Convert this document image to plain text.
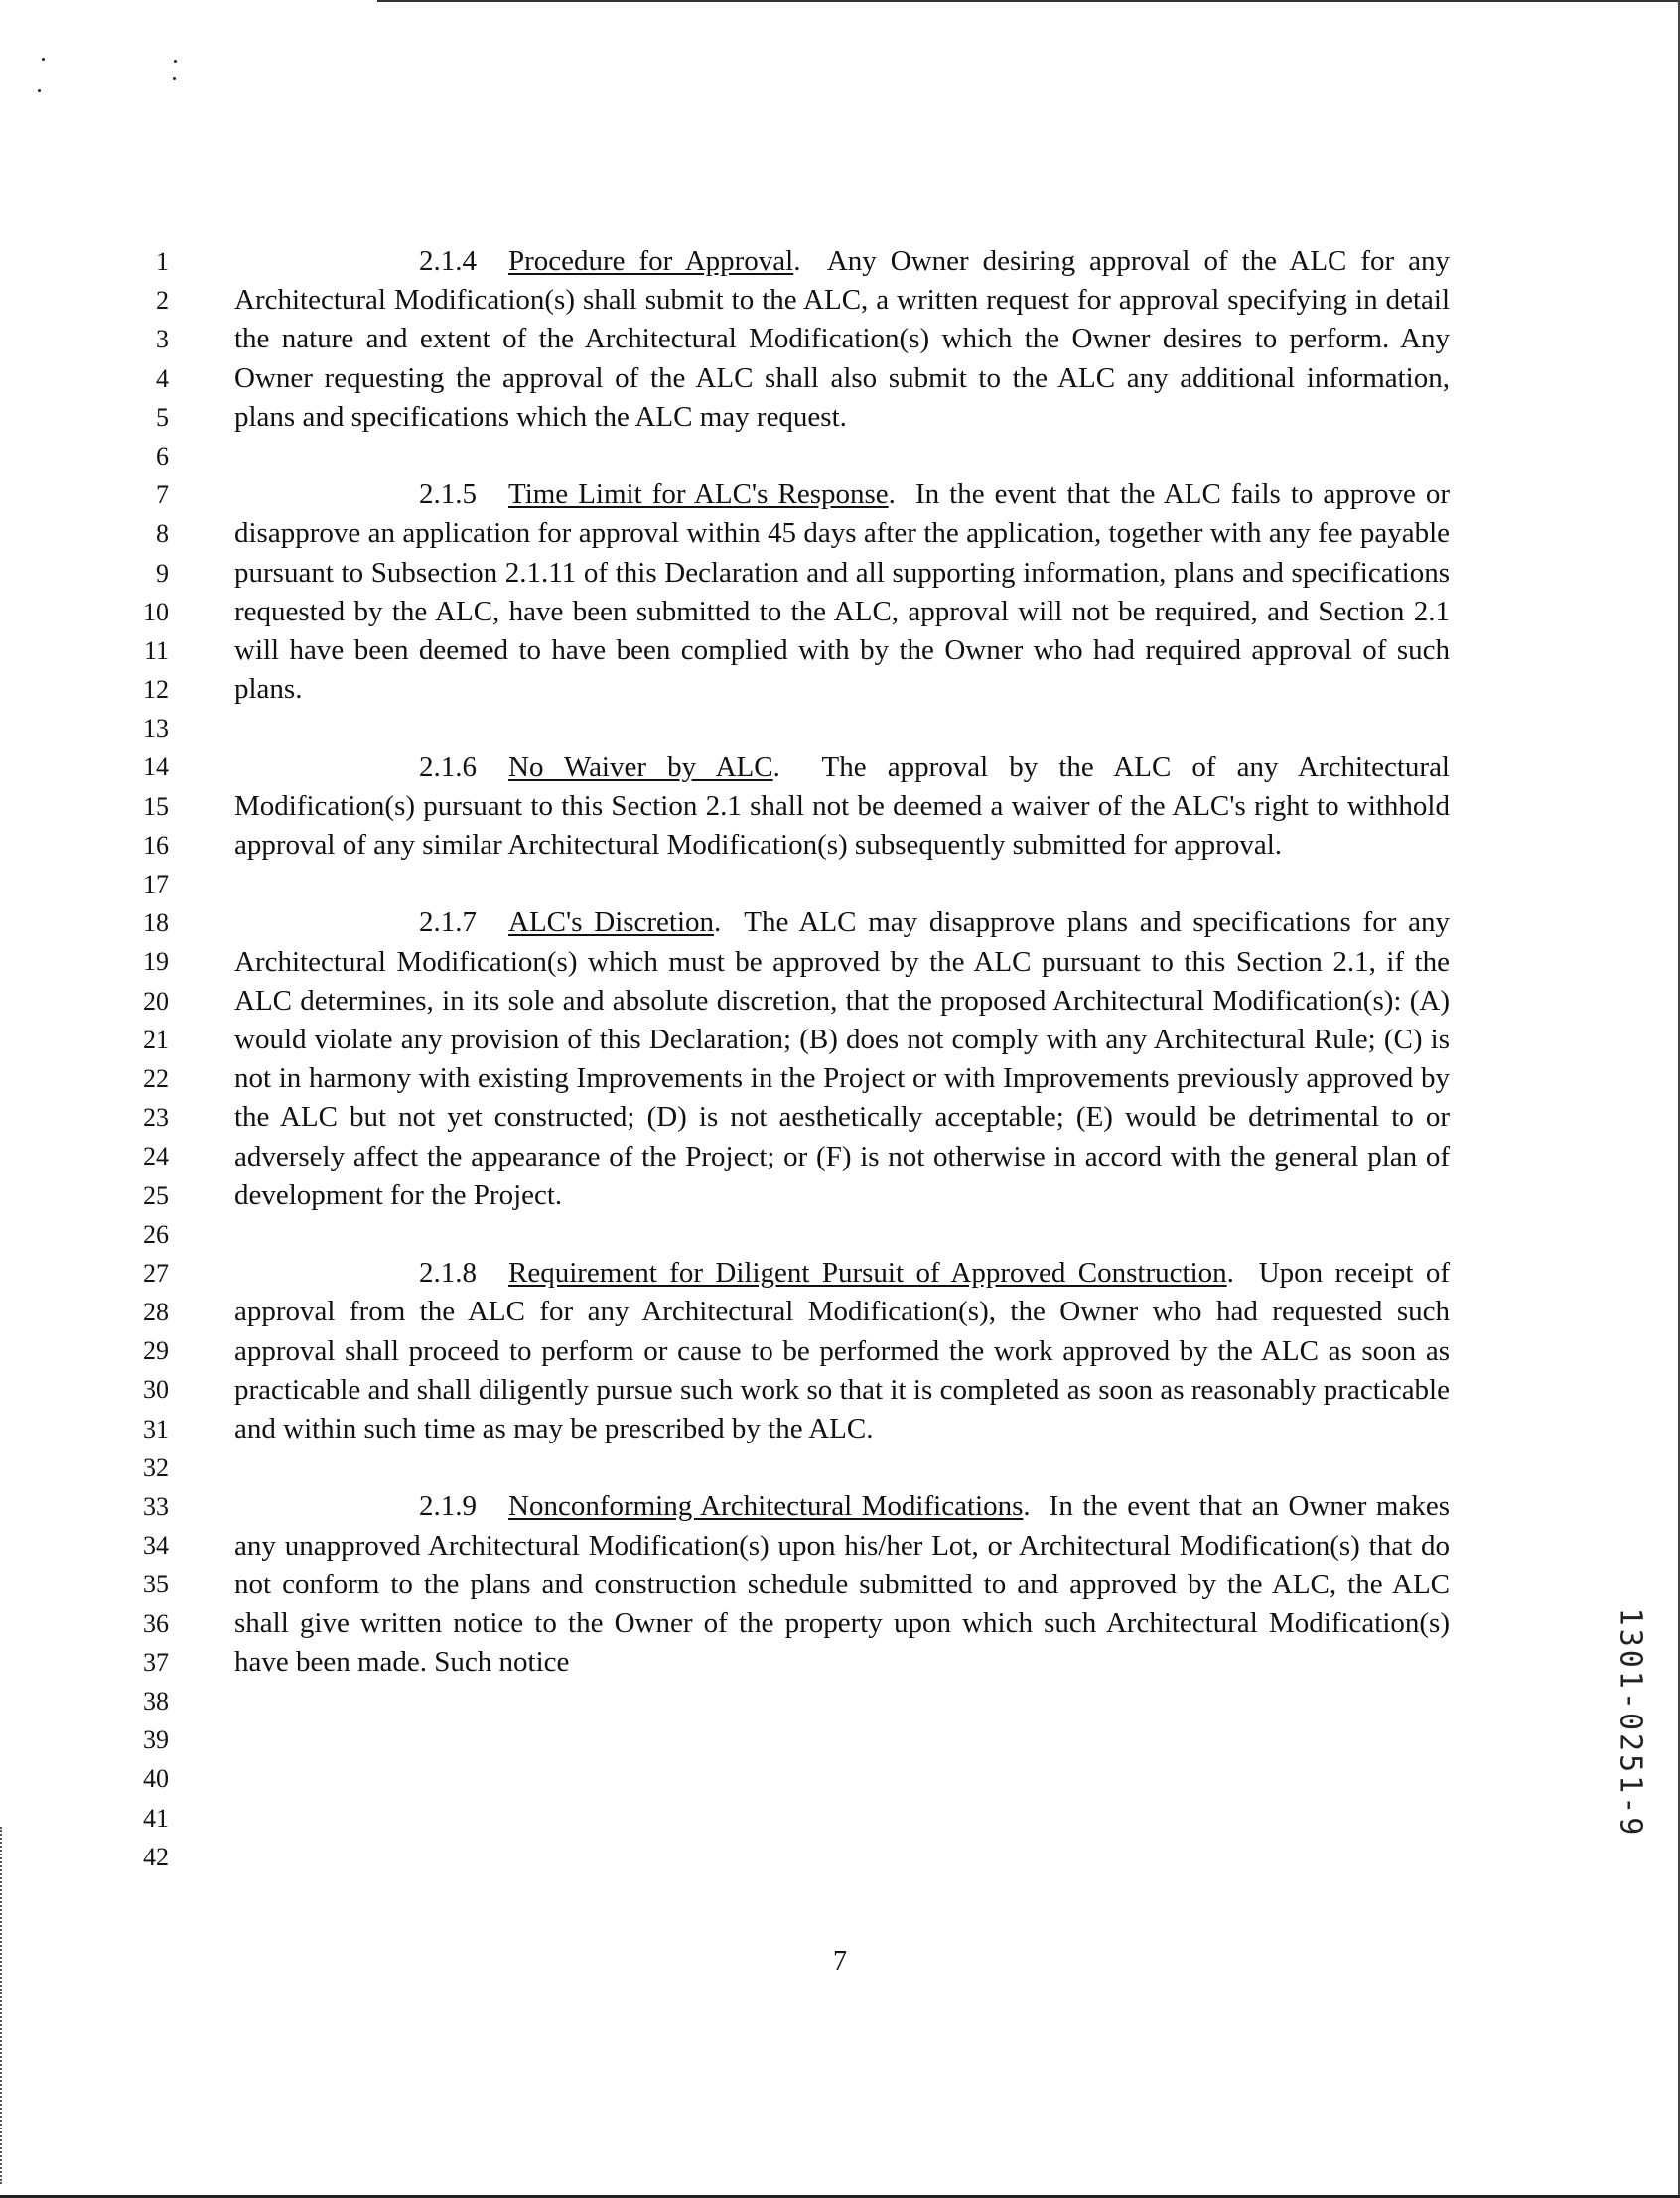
1
2
3
4
5
6
7
8
9
10
11
12
13
14
15
16
17
18
19
20
21
22
23
24
25
26
27
28
29
30
31
32
33
34
35
36
37
38
39
40
41
42

2.1.4 Procedure for Approval.  Any Owner desiring approval of the ALC for any Architectural Modification(s) shall submit to the ALC, a written request for approval specifying in detail the nature and extent of the Architectural Modification(s) which the Owner desires to perform. Any Owner requesting the approval of the ALC shall also submit to the ALC any additional information, plans and specifications which the ALC may request.

2.1.5 Time Limit for ALC's Response.  In the event that the ALC fails to approve or disapprove an application for approval within 45 days after the application, together with any fee payable pursuant to Subsection 2.1.11 of this Declaration and all supporting information, plans and specifications requested by the ALC, have been submitted to the ALC, approval will not be required, and Section 2.1 will have been deemed to have been complied with by the Owner who had required approval of such plans.

2.1.6 No Waiver by ALC.  The approval by the ALC of any Architectural Modification(s) pursuant to this Section 2.1 shall not be deemed a waiver of the ALC's right to withhold approval of any similar Architectural Modification(s) subsequently submitted for approval.

2.1.7 ALC's Discretion.  The ALC may disapprove plans and specifications for any Architectural Modification(s) which must be approved by the ALC pursuant to this Section 2.1, if the ALC determines, in its sole and absolute discretion, that the proposed Architectural Modification(s): (A) would violate any provision of this Declaration; (B) does not comply with any Architectural Rule; (C) is not in harmony with existing Improvements in the Project or with Improvements previously approved by the ALC but not yet constructed; (D) is not aesthetically acceptable; (E) would be detrimental to or adversely affect the appearance of the Project; or (F) is not otherwise in accord with the general plan of development for the Project.

2.1.8 Requirement for Diligent Pursuit of Approved Construction.  Upon receipt of approval from the ALC for any Architectural Modification(s), the Owner who had requested such approval shall proceed to perform or cause to be performed the work approved by the ALC as soon as practicable and shall diligently pursue such work so that it is completed as soon as reasonably practicable and within such time as may be prescribed by the ALC.

2.1.9 Nonconforming Architectural Modifications.  In the event that an Owner makes any unapproved Architectural Modification(s) upon his/her Lot, or Architectural Modification(s) that do not conform to the plans and construction schedule submitted to and approved by the ALC, the ALC shall give written notice to the Owner of the property upon which such Architectural Modification(s) have been made. Such notice

7
1301-0251-9
